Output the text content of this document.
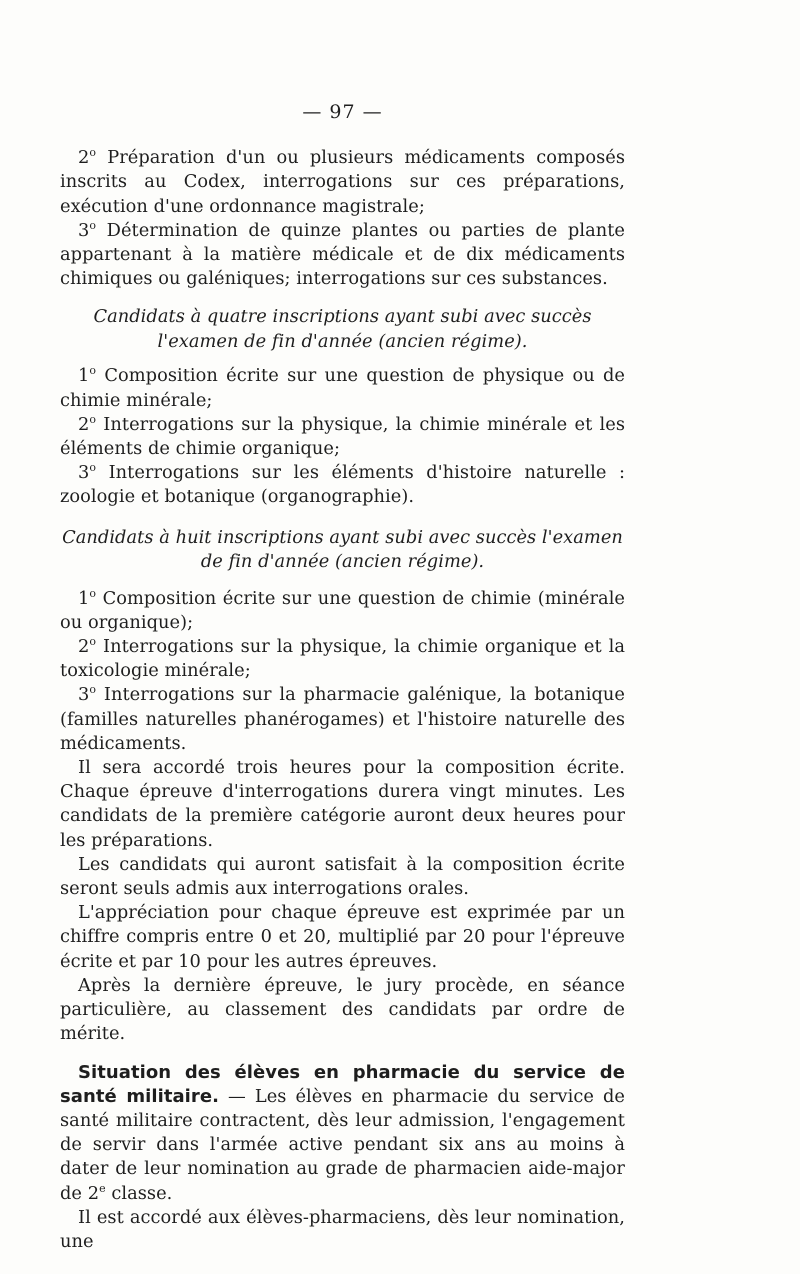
— 97 —

2$^o$ Préparation d'un ou plusieurs médicaments composés inscrits au Codex, interrogations sur ces préparations, exécution d'une ordonnance magistrale;

3$^o$ Détermination de quinze plantes ou parties de plante appartenant à la matière médicale et de dix médicaments chimiques ou galéniques; interrogations sur ces substances.

Candidats à quatre inscriptions ayant subi avec succès
l'examen de fin d'année (ancien régime).

1$^o$ Composition écrite sur une question de physique ou de chimie minérale;

2$^o$ Interrogations sur la physique, la chimie minérale et les éléments de chimie organique;

3$^o$ Interrogations sur les éléments d'histoire naturelle : zoologie et botanique (organographie).

Candidats à huit inscriptions ayant subi avec succès l'examen
de fin d'année (ancien régime).

1$^o$ Composition écrite sur une question de chimie (minérale ou organique);

2$^o$ Interrogations sur la physique, la chimie organique et la toxicologie minérale;

3$^o$ Interrogations sur la pharmacie galénique, la botanique (familles naturelles phanérogames) et l'histoire naturelle des médicaments.

Il sera accordé trois heures pour la composition écrite. Chaque épreuve d'interrogations durera vingt minutes. Les candidats de la première catégorie auront deux heures pour les préparations.

Les candidats qui auront satisfait à la composition écrite seront seuls admis aux interrogations orales.

L'appréciation pour chaque épreuve est exprimée par un chiffre compris entre 0 et 20, multiplié par 20 pour l'épreuve écrite et par 10 pour les autres épreuves.

Après la dernière épreuve, le jury procède, en séance particulière, au classement des candidats par ordre de mérite.

Situation des élèves en pharmacie du service de santé militaire. — Les élèves en pharmacie du service de santé militaire contractent, dès leur admission, l'engagement de servir dans l'armée active pendant six ans au moins à dater de leur nomination au grade de pharmacien aide-major de 2e classe.

Il est accordé aux élèves-pharmaciens, dès leur nomination, une
